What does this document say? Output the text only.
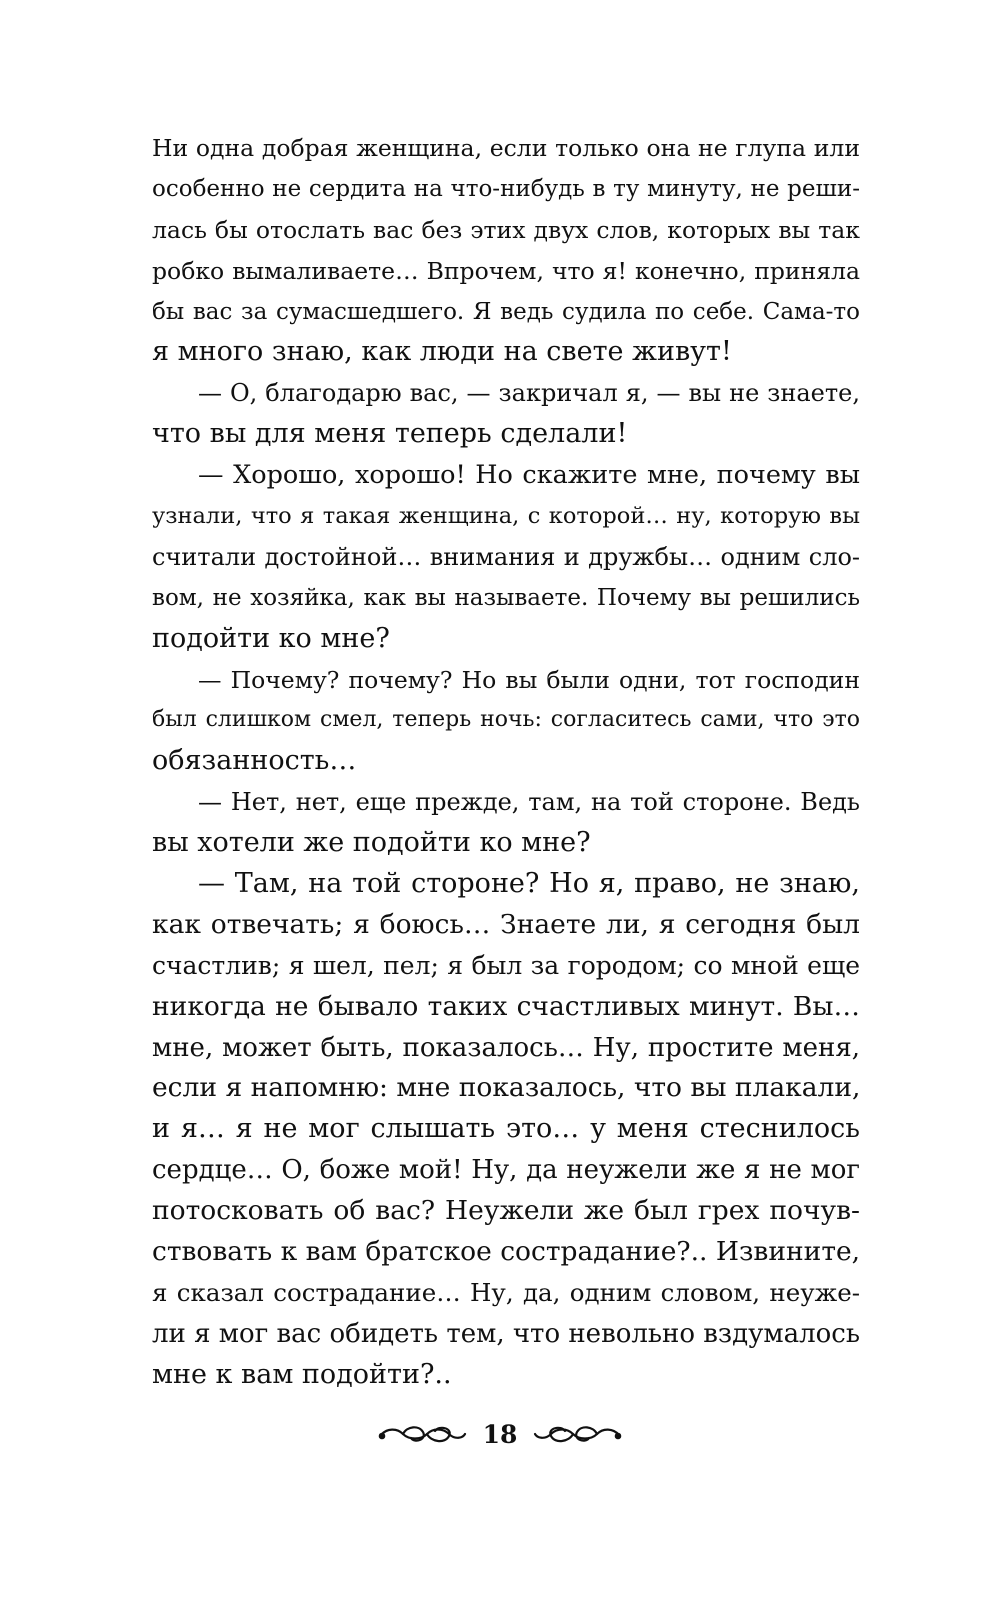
Ни одна добрая женщина, если только она не глупа или
особенно не сердита на что-нибудь в ту минуту, не реши-
лась бы отослать вас без этих двух слов, которых вы так
робко вымаливаете… Впрочем, что я! конечно, приняла
бы вас за сумасшедшего. Я ведь судила по себе. Сама-то
я много знаю, как люди на свете живут!
— О, благодарю вас, — закричал я, — вы не знаете,
что вы для меня теперь сделали!
— Хорошо, хорошо! Но скажите мне, почему вы
узнали, что я такая женщина, с которой… ну, которую вы
считали достойной… внимания и дружбы… одним сло-
вом, не хозяйка, как вы называете. Почему вы решились
подойти ко мне?
— Почему? почему? Но вы были одни, тот господин
был слишком смел, теперь ночь: согласитесь сами, что это
обязанность…
— Нет, нет, еще прежде, там, на той стороне. Ведь
вы хотели же подойти ко мне?
— Там, на той стороне? Но я, право, не знаю,
как отвечать; я боюсь… Знаете ли, я сегодня был
счастлив; я шел, пел; я был за городом; со мной еще
никогда не бывало таких счастливых минут. Вы…
мне, может быть, показалось… Ну, простите меня,
если я напомню: мне показалось, что вы плакали,
и я… я не мог слышать это… у меня стеснилось
сердце… О, боже мой! Ну, да неужели же я не мог
потосковать об вас? Неужели же был грех почув-
ствовать к вам братское сострадание?.. Извините,
я сказал сострадание… Ну, да, одним словом, неуже-
ли я мог вас обидеть тем, что невольно вздумалось
мне к вам подойти?..
18
